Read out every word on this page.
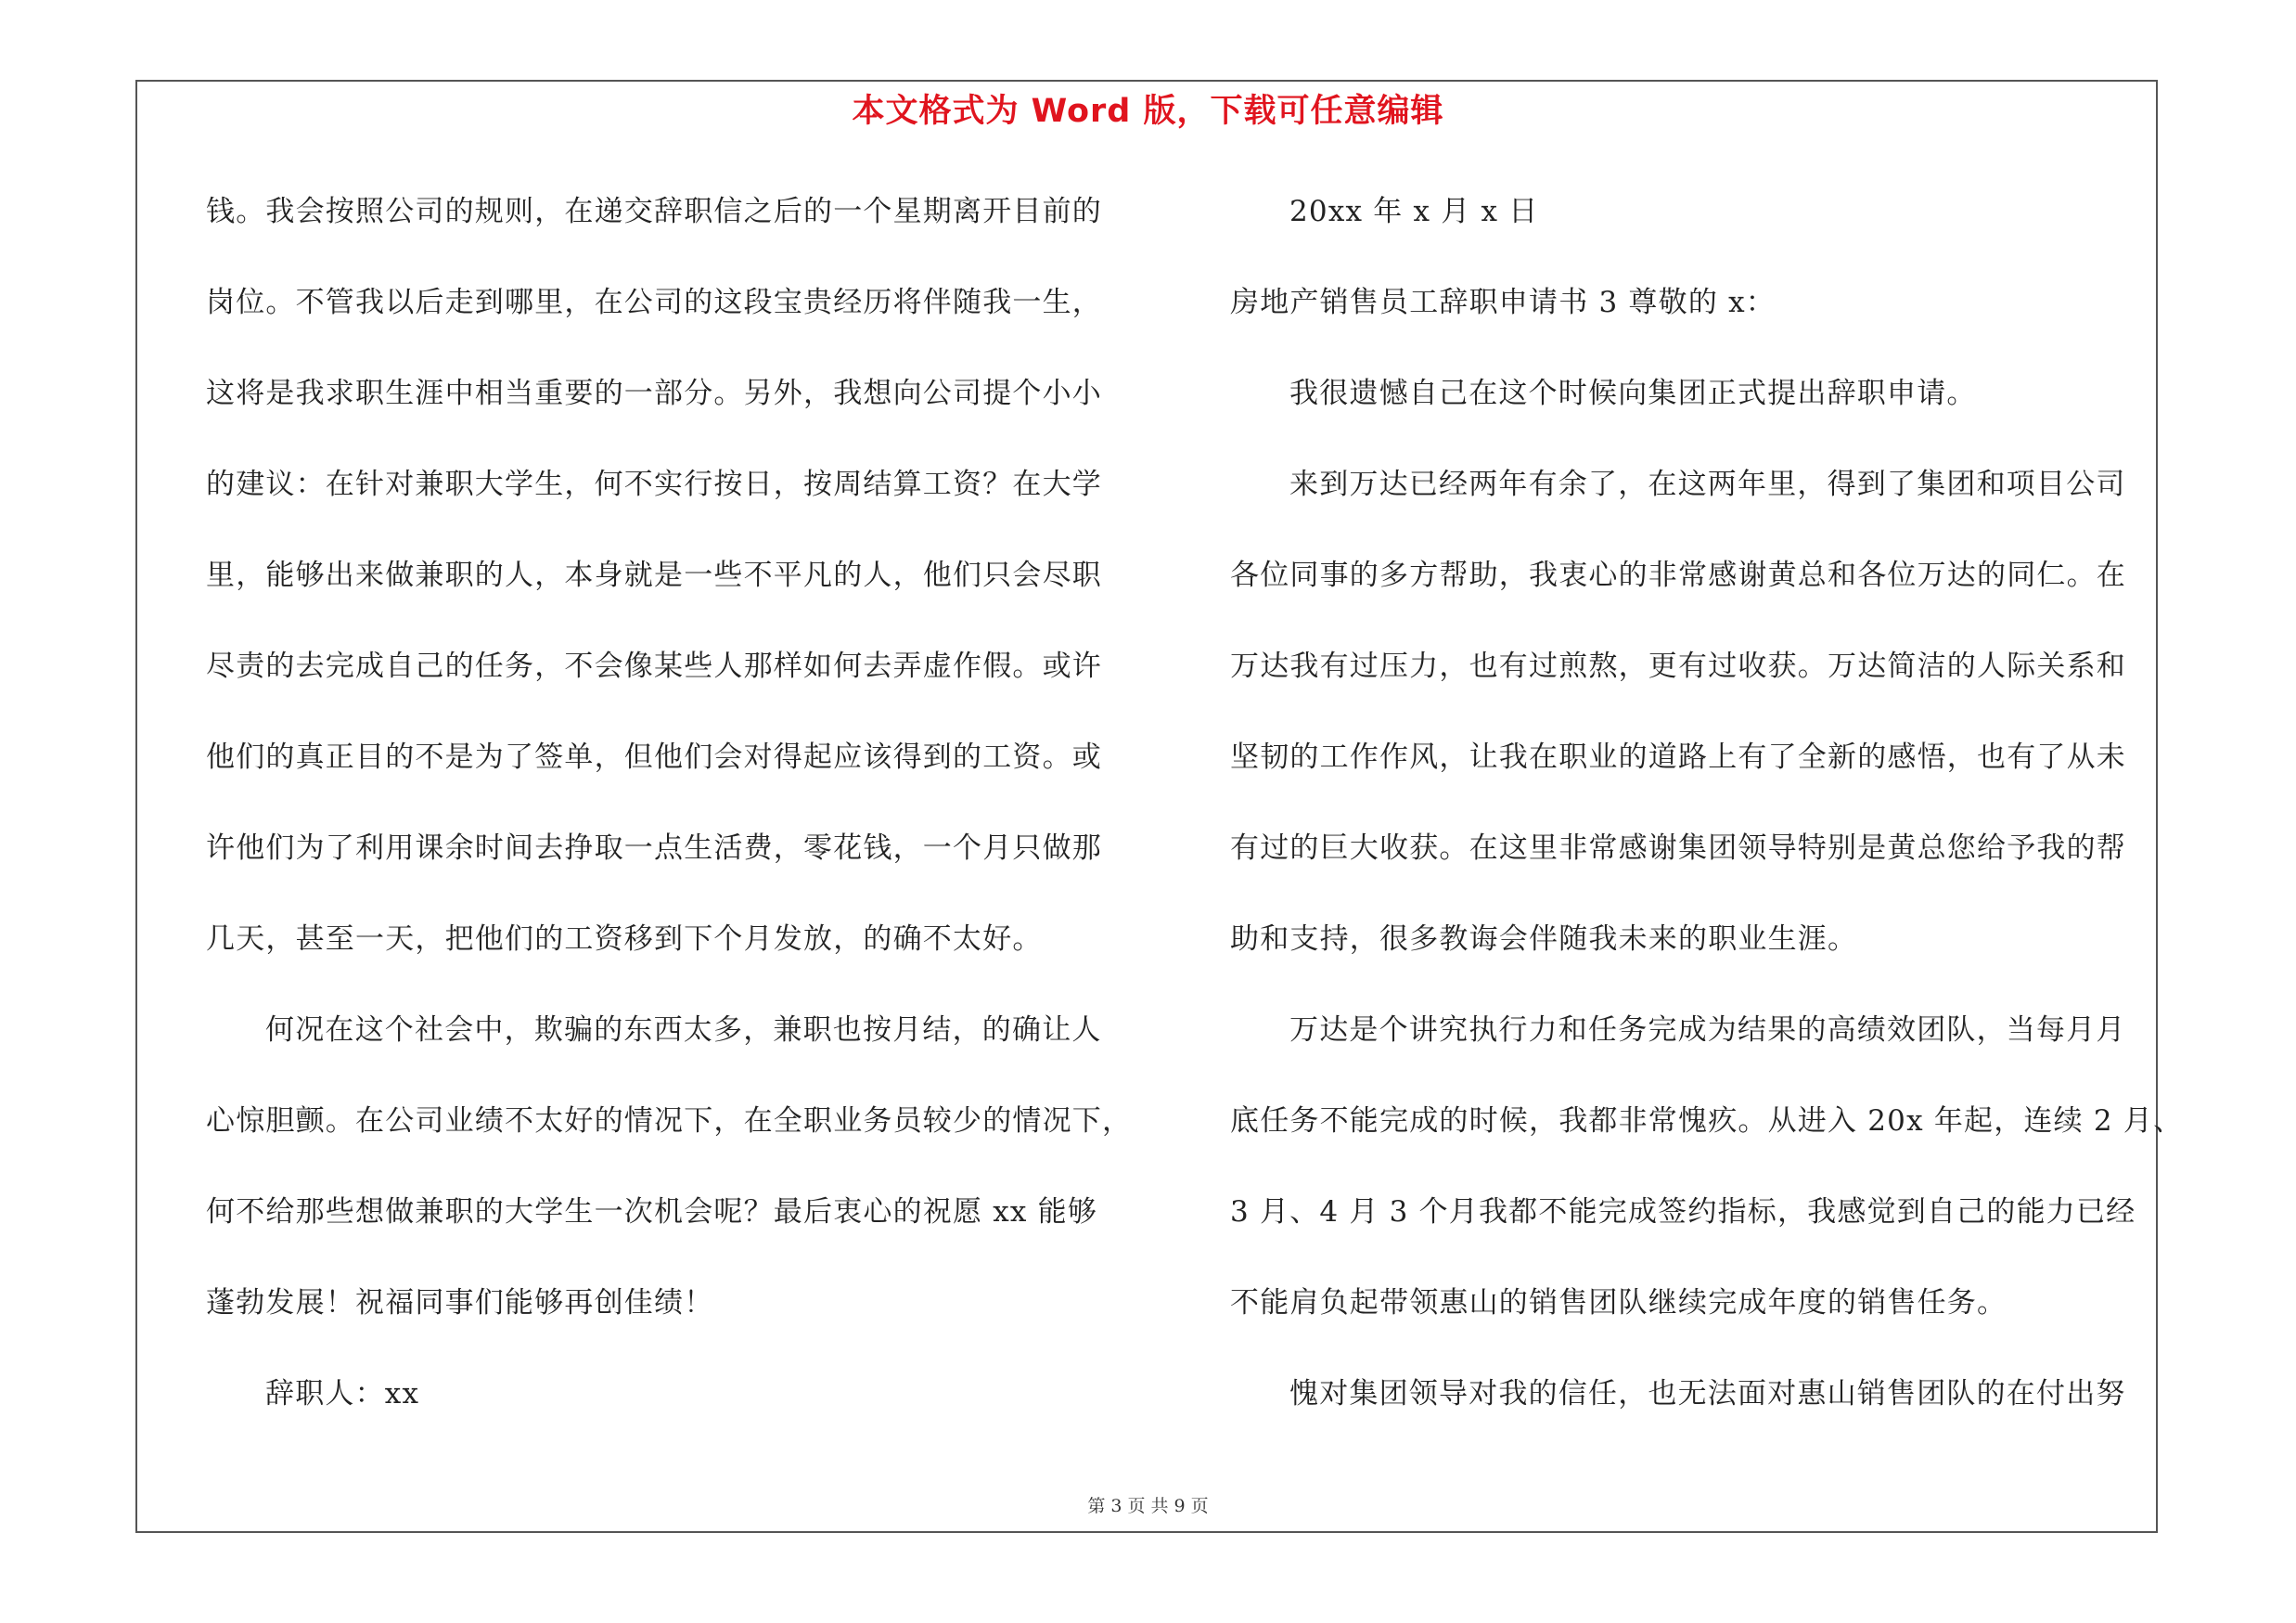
本文格式为 Word 版，下载可任意编辑
钱。我会按照公司的规则，在递交辞职信之后的一个星期离开目前的
岗位。不管我以后走到哪里，在公司的这段宝贵经历将伴随我一生，
这将是我求职生涯中相当重要的一部分。另外，我想向公司提个小小
的建议：在针对兼职大学生，何不实行按日，按周结算工资？在大学
里，能够出来做兼职的人，本身就是一些不平凡的人，他们只会尽职
尽责的去完成自己的任务，不会像某些人那样如何去弄虚作假。或许
他们的真正目的不是为了签单，但他们会对得起应该得到的工资。或
许他们为了利用课余时间去挣取一点生活费，零花钱，一个月只做那
几天，甚至一天，把他们的工资移到下个月发放，的确不太好。
何况在这个社会中，欺骗的东西太多，兼职也按月结，的确让人
心惊胆颤。在公司业绩不太好的情况下，在全职业务员较少的情况下，
何不给那些想做兼职的大学生一次机会呢？最后衷心的祝愿 xx 能够
蓬勃发展！祝福同事们能够再创佳绩！
辞职人：xx
20xx 年 x 月 x 日
房地产销售员工辞职申请书 3 尊敬的 x：
我很遗憾自己在这个时候向集团正式提出辞职申请。
来到万达已经两年有余了，在这两年里，得到了集团和项目公司
各位同事的多方帮助，我衷心的非常感谢黄总和各位万达的同仁。在
万达我有过压力，也有过煎熬，更有过收获。万达简洁的人际关系和
坚韧的工作作风，让我在职业的道路上有了全新的感悟，也有了从未
有过的巨大收获。在这里非常感谢集团领导特别是黄总您给予我的帮
助和支持，很多教诲会伴随我未来的职业生涯。
万达是个讲究执行力和任务完成为结果的高绩效团队，当每月月
底任务不能完成的时候，我都非常愧疚。从进入 20x 年起，连续 2 月、
3 月、4 月 3 个月我都不能完成签约指标，我感觉到自己的能力已经
不能肩负起带领惠山的销售团队继续完成年度的销售任务。
愧对集团领导对我的信任，也无法面对惠山销售团队的在付出努
第 3 页 共 9 页
